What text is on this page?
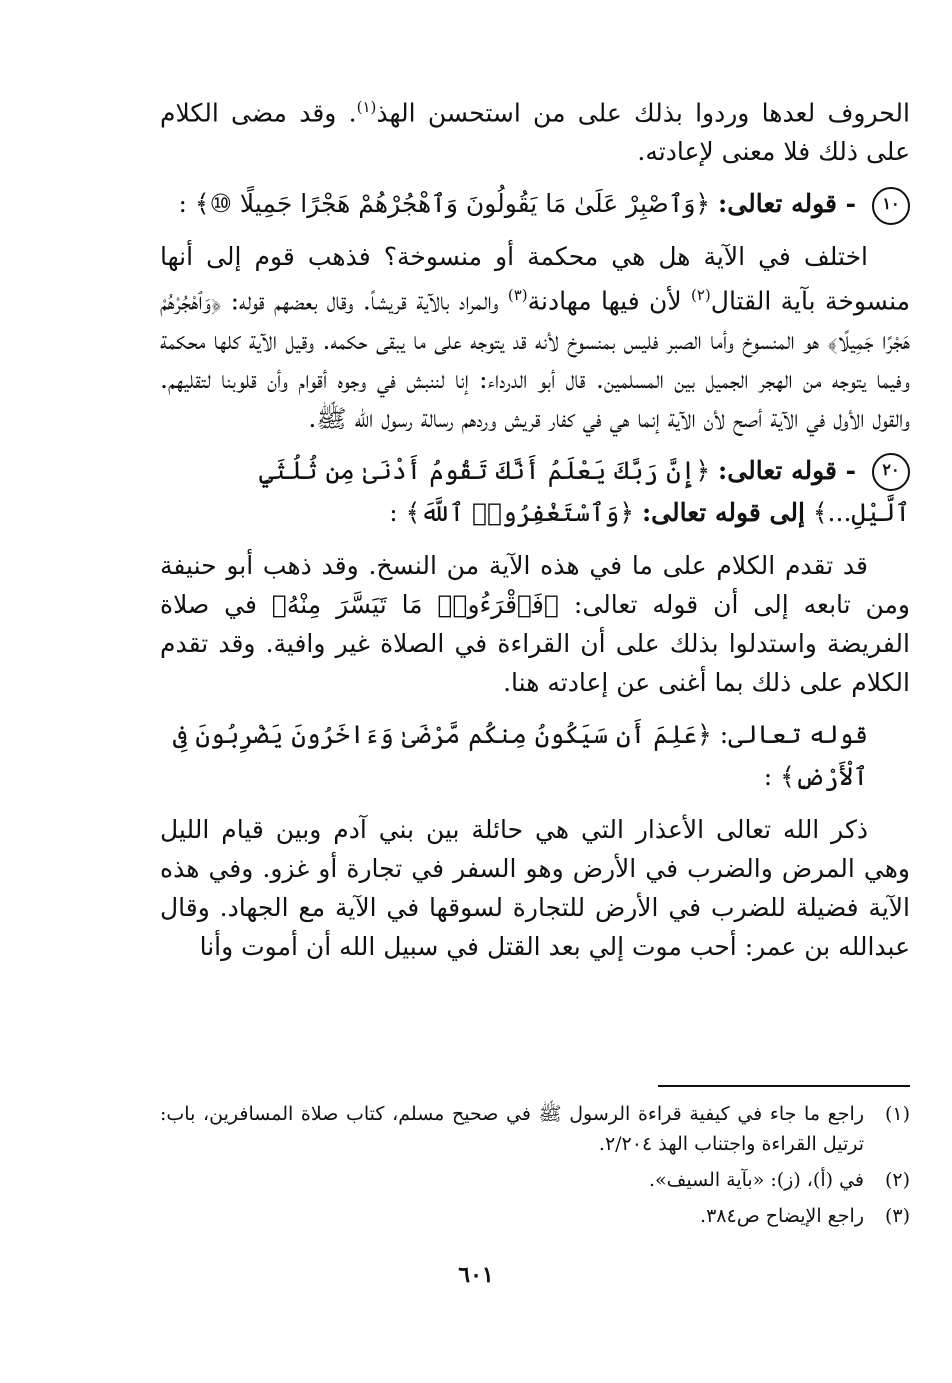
الحروف لعدها وردوا بذلك على من استحسن الهذ$^{(١)}$. وقد مضى الكلام على ذلك فلا معنى لإعادته.

١٠ - قوله تعالى: ﴿وَٱصْبِرْ عَلَىٰ مَا يَقُولُونَ وَٱهْجُرْهُمْ هَجْرًا جَمِيلًا ⑩﴾ :

اختلف في الآية هل هي محكمة أو منسوخة؟ فذهب قوم إلى أنها منسوخة بآية القتال$^{(٢)}$ لأن فيها مهادنة$^{(٣)}$ والمراد بالآية قريشاً. وقال بعضهم قوله: ﴿وَٱهْجُرْهُمْ هَجْرًا جَمِيلًا﴾ هو المنسوخ وأما الصبر فليس بمنسوخ لأنه قد يتوجه على ما يبقى حكمه. وقيل الآية كلها محكمة وفيما يتوجه من الهجر الجميل بين المسلمين. قال أبو الدرداء: إنا لننبش في وجوه أقوام وأن قلوبنا لتقليهم. والقول الأول في الآية أصح لأن الآية إنما هي في كفار قريش وردهم رسالة رسول الله ﷺ.

٢٠ - قوله تعالى: ﴿إِنَّ رَبَّكَ يَعْلَمُ أَنَّكَ تَقُومُ أَدْنَىٰ مِن ثُلُثَيِ ٱلَّيْلِ...﴾ إلى قوله تعالى: ﴿وَٱسْتَغْفِرُوا۟ ٱللَّهَ﴾ :

قد تقدم الكلام على ما في هذه الآية من النسخ. وقد ذهب أبو حنيفة ومن تابعه إلى أن قوله تعالى: ﴿فَٱقْرَءُوا۟ مَا تَيَسَّرَ مِنْهُ﴾ في صلاة الفريضة واستدلوا بذلك على أن القراءة في الصلاة غير وافية. وقد تقدم الكلام على ذلك بما أغنى عن إعادته هنا.

قوله تعالى: ﴿عَلِمَ أَن سَيَكُونُ مِنكُم مَّرْضَىٰ وَءَاخَرُونَ يَضْرِبُونَ فِى ٱلْأَرْضِ﴾ :

ذكر الله تعالى الأعذار التي هي حائلة بين بني آدم وبين قيام الليل وهي المرض والضرب في الأرض وهو السفر في تجارة أو غزو. وفي هذه الآية فضيلة للضرب في الأرض للتجارة لسوقها في الآية مع الجهاد. وقال عبدالله بن عمر: أحب موت إلي بعد القتل في سبيل الله أن أموت وأنا

(١)
راجع ما جاء في كيفية قراءة الرسول ﷺ في صحيح مسلم، كتاب صلاة المسافرين، باب: ترتيل القراءة واجتناب الهذ ٢/٢٠٤.
(٢)
في (أ)، (ز): «بآية السيف».
(٣)
راجع الإيضاح ص٣٨٤.
٦٠١
